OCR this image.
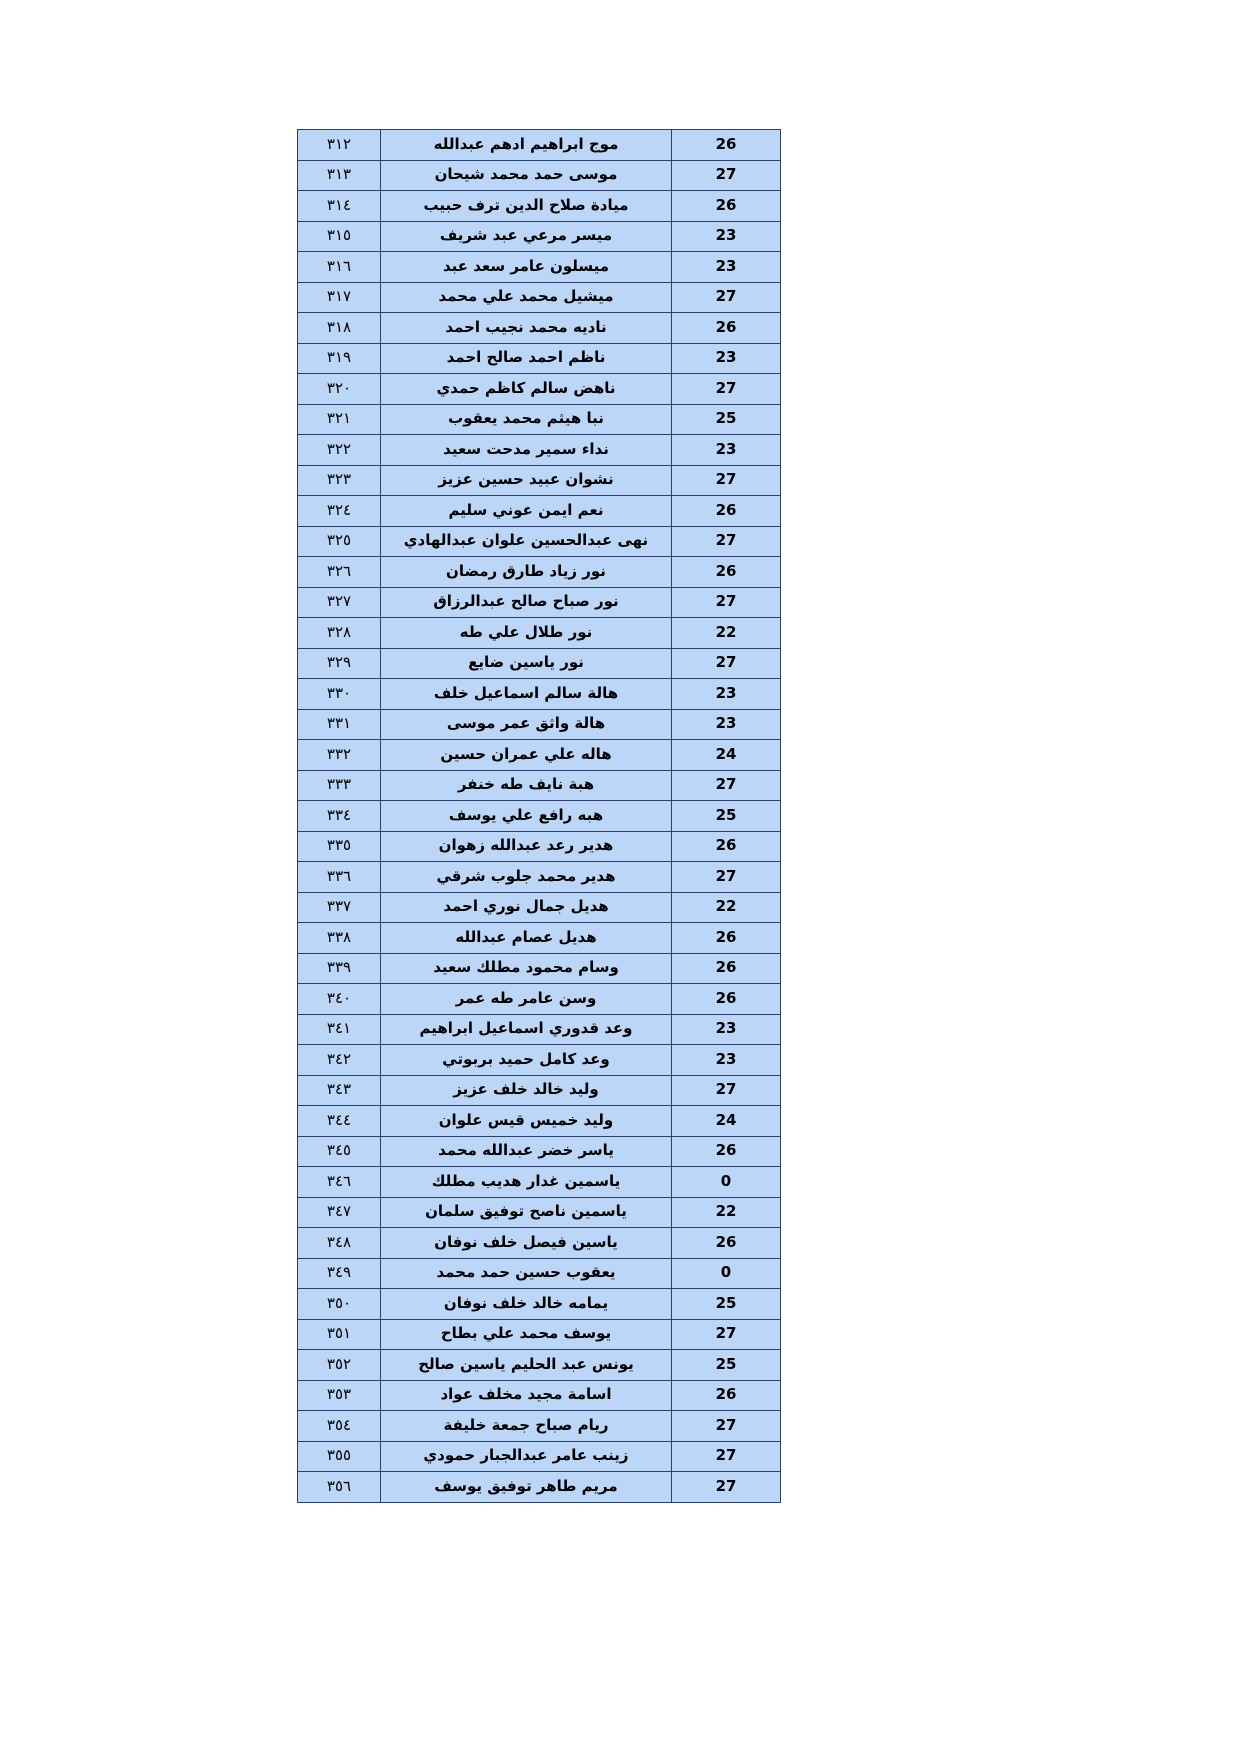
26	موج ابراهيم ادهم عبدالله	٣١٢
27	موسى حمد محمد شيحان	٣١٣
26	ميادة صلاح الدين ترف حبيب	٣١٤
23	ميسر مرعي عبد شريف	٣١٥
23	ميسلون عامر سعد عبد	٣١٦
27	ميشيل محمد علي محمد	٣١٧
26	ناديه محمد نجيب احمد	٣١٨
23	ناظم احمد صالح احمد	٣١٩
27	ناهض سالم كاظم حمدي	٣٢٠
25	نبا هيثم محمد يعقوب	٣٢١
23	نداء سمير مدحت سعيد	٣٢٢
27	نشوان عبيد حسين عزيز	٣٢٣
26	نعم ايمن عوني سليم	٣٢٤
27	نهى عبدالحسين علوان عبدالهادي	٣٢٥
26	نور زياد طارق رمضان	٣٢٦
27	نور صباح صالح عبدالرزاق	٣٢٧
22	نور طلال علي طه	٣٢٨
27	نور ياسين ضايع	٣٢٩
23	هالة سالم اسماعيل خلف	٣٣٠
23	هالة واثق عمر موسى	٣٣١
24	هاله علي عمران حسين	٣٣٢
27	هبة نايف طه خنفر	٣٣٣
25	هبه رافع علي يوسف	٣٣٤
26	هدير رعد عبدالله زهوان	٣٣٥
27	هدير محمد جلوب شرقي	٣٣٦
22	هديل جمال نوري احمد	٣٣٧
26	هديل عصام عبدالله	٣٣٨
26	وسام محمود مطلك سعيد	٣٣٩
26	وسن عامر طه عمر	٣٤٠
23	وعد قدوري اسماعيل ابراهيم	٣٤١
23	وعد كامل حميد بربوتي	٣٤٢
27	وليد خالد خلف عزيز	٣٤٣
24	وليد خميس قيس علوان	٣٤٤
26	ياسر خضر عبدالله محمد	٣٤٥
0	ياسمين غدار هديب مطلك	٣٤٦
22	ياسمين ناصح توفيق سلمان	٣٤٧
26	ياسين فيصل خلف نوفان	٣٤٨
0	يعقوب حسين حمد محمد	٣٤٩
25	يمامه خالد خلف نوفان	٣٥٠
27	يوسف محمد علي بطاح	٣٥١
25	يونس عبد الحليم ياسين صالح	٣٥٢
26	اسامة مجيد مخلف عواد	٣٥٣
27	ريام صباح جمعة خليفة	٣٥٤
27	زينب عامر عبدالجبار حمودي	٣٥٥
27	مريم طاهر توفيق يوسف	٣٥٦
